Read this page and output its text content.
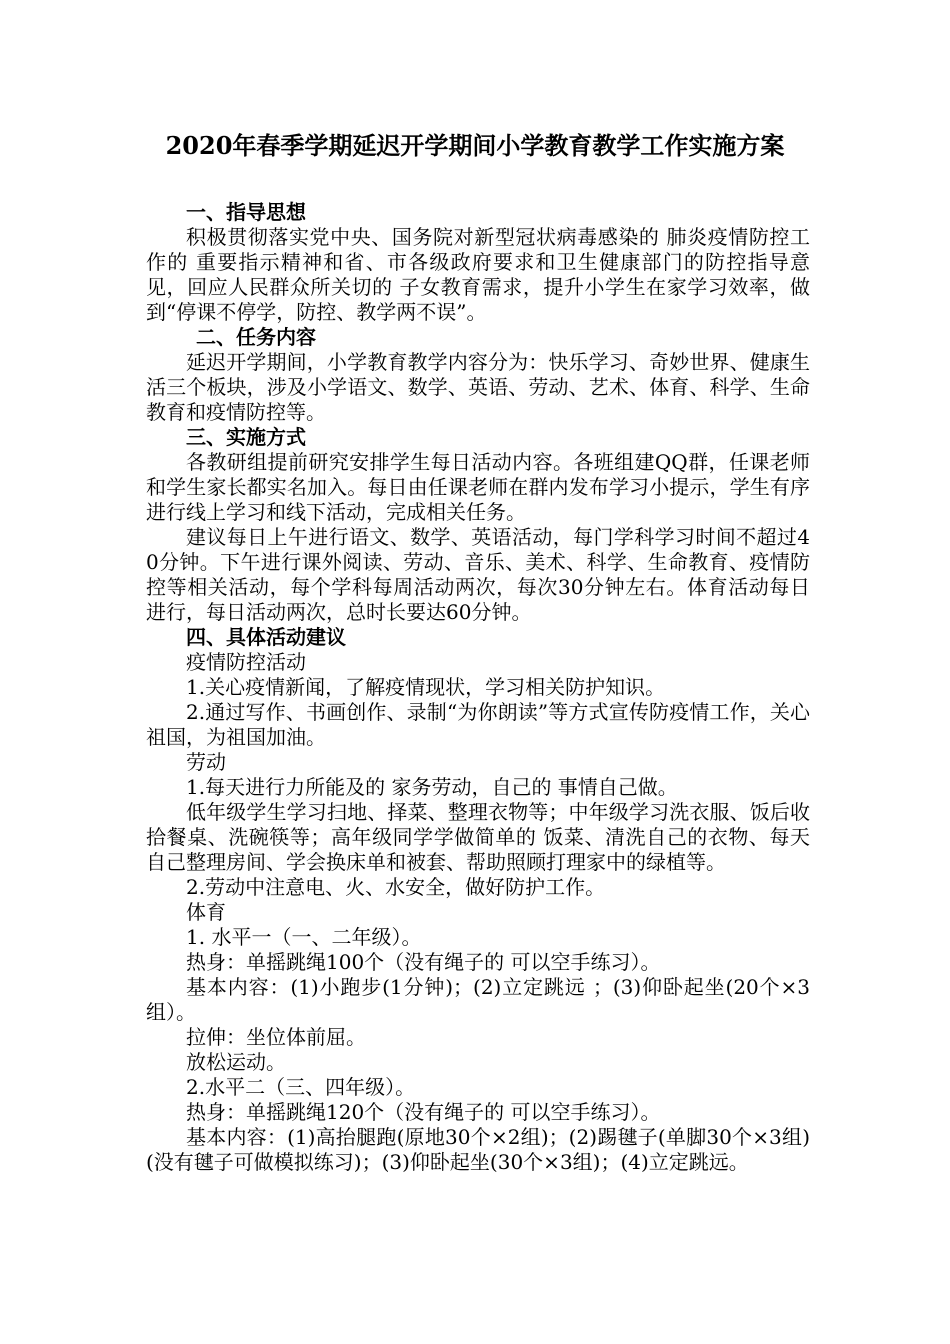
2020年春季学期延迟开学期间小学教育教学工作实施方案
一、指导思想

积极贯彻落实党中央、国务院对新型冠状病毒感染的 肺炎疫情防控工作的 重要指示精神和省、市各级政府要求和卫生健康部门的防控指导意见，回应人民群众所关切的 子女教育需求，提升小学生在家学习效率，做到“停课不停学，防控、教学两不误”。

二、任务内容

延迟开学期间，小学教育教学内容分为：快乐学习、奇妙世界、健康生活三个板块，涉及小学语文、数学、英语、劳动、艺术、体育、科学、生命教育和疫情防控等。

三、实施方式

各教研组提前研究安排学生每日活动内容。各班组建QQ群，任课老师和学生家长都实名加入。每日由任课老师在群内发布学习小提示，学生有序进行线上学习和线下活动，完成相关任务。

建议每日上午进行语文、数学、英语活动，每门学科学习时间不超过40分钟。下午进行课外阅读、劳动、音乐、美术、科学、生命教育、疫情防控等相关活动，每个学科每周活动两次，每次30分钟左右。体育活动每日进行，每日活动两次，总时长要达60分钟。

四、具体活动建议

疫情防控活动

1.关心疫情新闻，了解疫情现状，学习相关防护知识。

2.通过写作、书画创作、录制“为你朗读”等方式宣传防疫情工作，关心祖国，为祖国加油。

劳动

1.每天进行力所能及的 家务劳动，自己的 事情自己做。

低年级学生学习扫地、择菜、整理衣物等；中年级学习洗衣服、饭后收拾餐桌、洗碗筷等；高年级同学学做简单的 饭菜、清洗自己的衣物、每天自己整理房间、学会换床单和被套、帮助照顾打理家中的绿植等。

2.劳动中注意电、火、水安全，做好防护工作。

体育

1. 水平一（一、二年级）。

热身：单摇跳绳100个（没有绳子的 可以空手练习）。

基本内容：(1)小跑步(1分钟)；(2)立定跳远 ；(3)仰卧起坐(20个×3组）。

拉伸：坐位体前屈。

放松运动。

2.水平二（三、四年级）。

热身：单摇跳绳120个（没有绳子的 可以空手练习）。

基本内容：(1)高抬腿跑(原地30个×2组)；(2)踢毽子(单脚30个×3组)(没有毽子可做模拟练习)；(3)仰卧起坐(30个×3组)；(4)立定跳远。
